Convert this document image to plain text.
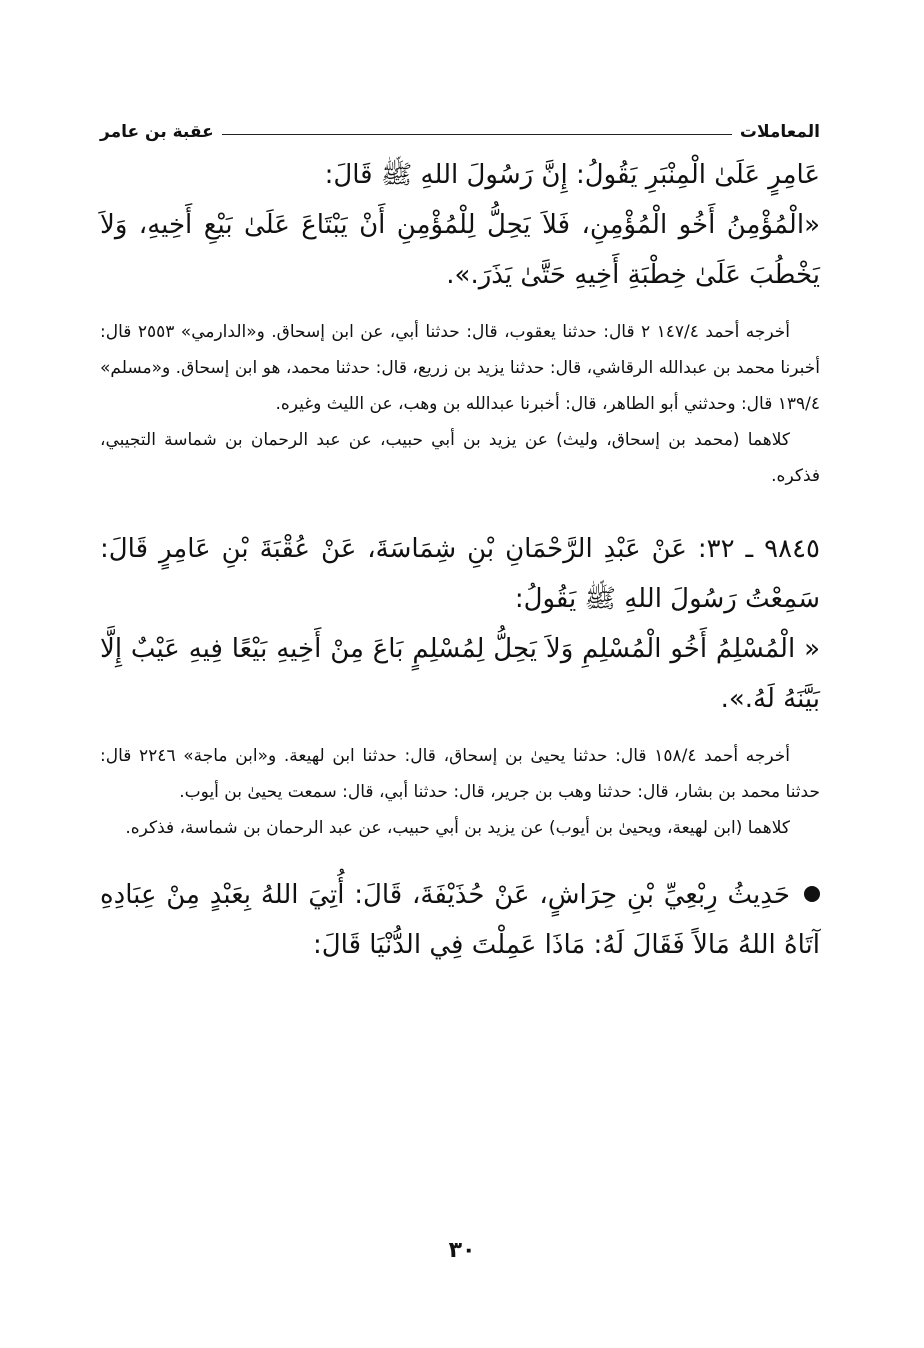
المعاملات
عقبة بن عامر

عَامِرٍ عَلَىٰ الْمِنْبَرِ يَقُولُ: إِنَّ رَسُولَ اللهِ ﷺ قَالَ:

«الْمُؤْمِنُ أَخُو الْمُؤْمِنِ، فَلاَ يَحِلُّ لِلْمُؤْمِنِ أَنْ يَبْتَاعَ عَلَىٰ بَيْعِ أَخِيهِ، وَلاَ يَخْطُبَ عَلَىٰ خِطْبَةِ أَخِيهِ حَتَّىٰ يَذَرَ.».

أخرجه أحمد ١٤٧/٤ ٢ قال: حدثنا يعقوب، قال: حدثنا أبي، عن ابن إسحاق. و«الدارمي» ٢٥٥٣ قال: أخبرنا محمد بن عبدالله الرقاشي، قال: حدثنا يزيد بن زريع، قال: حدثنا محمد، هو ابن إسحاق. و«مسلم» ١٣٩/٤ قال: وحدثني أبو الطاهر، قال: أخبرنا عبدالله بن وهب، عن الليث وغيره.

كلاهما (محمد بن إسحاق، وليث) عن يزيد بن أبي حبيب، عن عبد الرحمان بن شماسة التجيبي، فذكره.

٩٨٤٥ ـ ٣٢: عَنْ عَبْدِ الرَّحْمَانِ بْنِ شِمَاسَةَ، عَنْ عُقْبَةَ بْنِ عَامِرٍ قَالَ: سَمِعْتُ رَسُولَ اللهِ ﷺ يَقُولُ:

« الْمُسْلِمُ أَخُو الْمُسْلِمِ وَلاَ يَحِلُّ لِمُسْلِمٍ بَاعَ مِنْ أَخِيهِ بَيْعًا فِيهِ عَيْبٌ إِلَّا بَيَّنَهُ لَهُ.».

أخرجه أحمد ١٥٨/٤ قال: حدثنا يحيىٰ بن إسحاق، قال: حدثنا ابن لهيعة. و«ابن ماجة» ٢٢٤٦ قال: حدثنا محمد بن بشار، قال: حدثنا وهب بن جرير، قال: حدثنا أبي، قال: سمعت يحيىٰ بن أيوب.

كلاهما (ابن لهيعة، ويحيىٰ بن أيوب) عن يزيد بن أبي حبيب، عن عبد الرحمان بن شماسة، فذكره.

حَدِيثُ رِبْعِيِّ بْنِ حِرَاشٍ، عَنْ حُذَيْفَةَ، قَالَ: أُتِيَ اللهُ بِعَبْدٍ مِنْ عِبَادِهِ آتَاهُ اللهُ مَالاً فَقَالَ لَهُ: مَاذَا عَمِلْتَ فِي الدُّنْيَا قَالَ:

٣٠
